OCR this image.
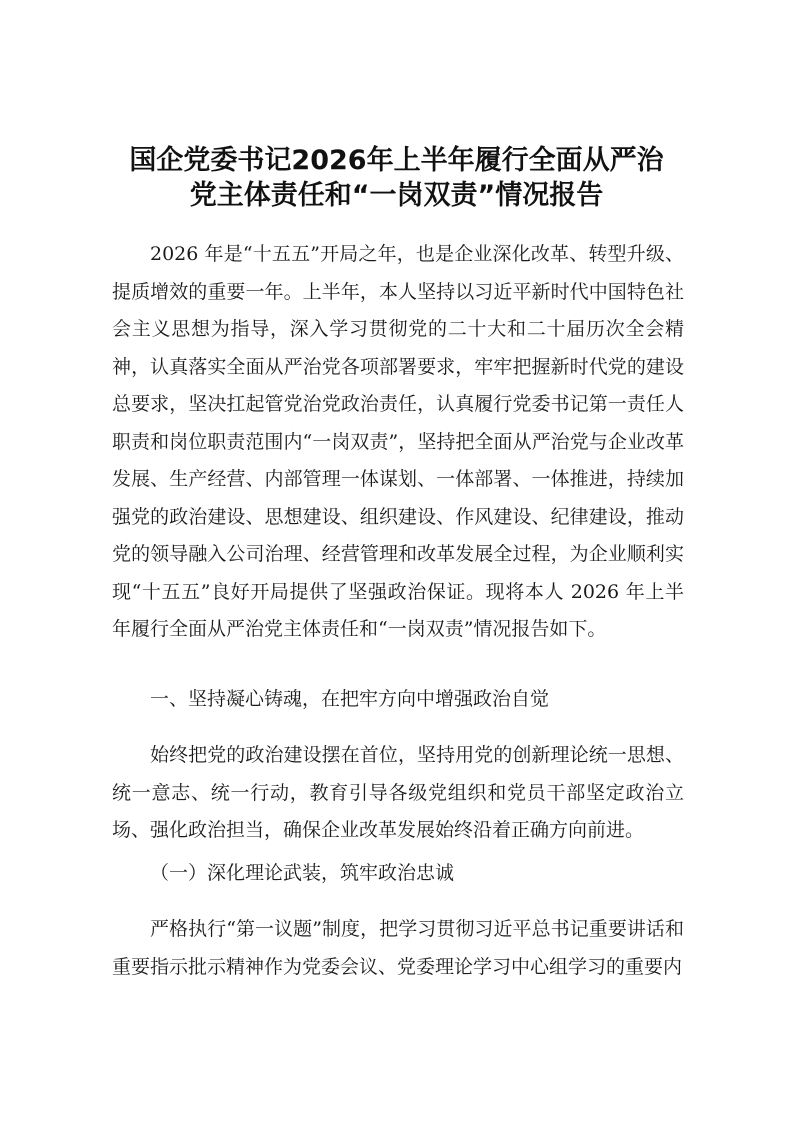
国企党委书记2026年上半年履行全面从严治
党主体责任和“一岗双责”情况报告

2026 年是“十五五”开局之年，也是企业深化改革、转型升级、提质增效的重要一年。上半年，本人坚持以习近平新时代中国特色社会主义思想为指导，深入学习贯彻党的二十大和二十届历次全会精神，认真落实全面从严治党各项部署要求，牢牢把握新时代党的建设总要求，坚决扛起管党治党政治责任，认真履行党委书记第一责任人职责和岗位职责范围内“一岗双责”，坚持把全面从严治党与企业改革发展、生产经营、内部管理一体谋划、一体部署、一体推进，持续加强党的政治建设、思想建设、组织建设、作风建设、纪律建设，推动党的领导融入公司治理、经营管理和改革发展全过程，为企业顺利实现“十五五”良好开局提供了坚强政治保证。现将本人 2026 年上半年履行全面从严治党主体责任和“一岗双责”情况报告如下。

一、坚持凝心铸魂，在把牢方向中增强政治自觉

始终把党的政治建设摆在首位，坚持用党的创新理论统一思想、统一意志、统一行动，教育引导各级党组织和党员干部坚定政治立场、强化政治担当，确保企业改革发展始终沿着正确方向前进。

（一）深化理论武装，筑牢政治忠诚

严格执行“第一议题”制度，把学习贯彻习近平总书记重要讲话和重要指示批示精神作为党委会议、党委理论学习中心组学习的重要内
